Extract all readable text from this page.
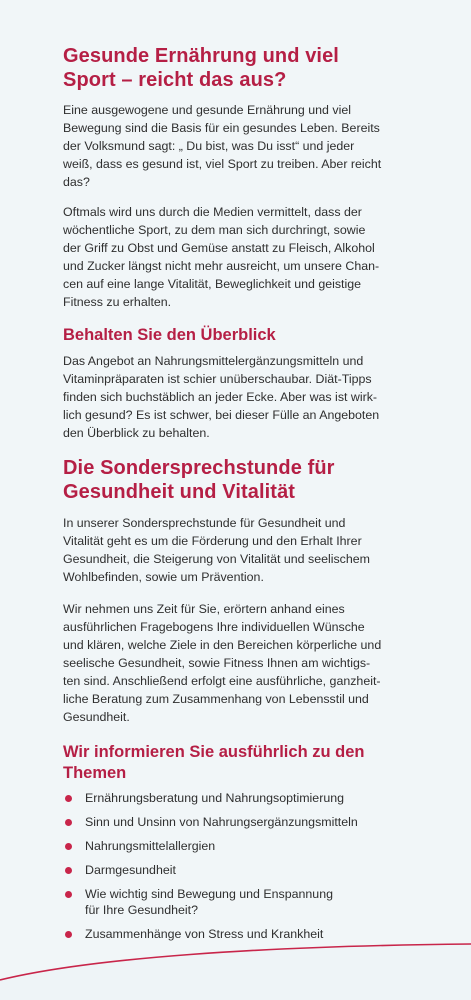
Gesunde Ernährung und viel
Sport – reicht das aus?

Eine ausgewogene und gesunde Ernährung und viel
Bewegung sind die Basis für ein gesundes Leben. Bereits
der Volksmund sagt: „ Du bist, was Du isst“ und jeder
weiß, dass es gesund ist, viel Sport zu treiben. Aber reicht
das?

Oftmals wird uns durch die Medien vermittelt, dass der
wöchentliche Sport, zu dem man sich durchringt, sowie
der Griff zu Obst und Gemüse anstatt zu Fleisch, Alkohol
und Zucker längst nicht mehr ausreicht, um unsere Chan-
cen auf eine lange Vitalität, Beweglichkeit und geistige
Fitness zu erhalten.

Behalten Sie den Überblick

Das Angebot an Nahrungsmittelergänzungsmitteln und
Vitaminpräparaten ist schier unüberschaubar. Diät-Tipps
finden sich buchstäblich an jeder Ecke. Aber was ist wirk-
lich gesund? Es ist schwer, bei dieser Fülle an Angeboten
den Überblick zu behalten.

Die Sondersprechstunde für
Gesundheit und Vitalität

In unserer Sondersprechstunde für Gesundheit und
Vitalität geht es um die Förderung und den Erhalt Ihrer
Gesundheit, die Steigerung von Vitalität und seelischem
Wohlbefinden, sowie um Prävention.

Wir nehmen uns Zeit für Sie, erörtern anhand eines
ausführlichen Fragebogens Ihre individuellen Wünsche
und klären, welche Ziele in den Bereichen körperliche und
seelische Gesundheit, sowie Fitness Ihnen am wichtigs-
ten sind. Anschließend erfolgt eine ausführliche, ganzheit-
liche Beratung zum Zusammenhang von Lebensstil und
Gesundheit.

Wir informieren Sie ausführlich zu den
Themen
Ernährungsberatung und Nahrungsoptimierung
Sinn und Unsinn von Nahrungsergänzungsmitteln
Nahrungsmittelallergien
Darmgesundheit
Wie wichtig sind Bewegung und Enspannung
für Ihre Gesundheit?
Zusammenhänge von Stress und Krankheit
